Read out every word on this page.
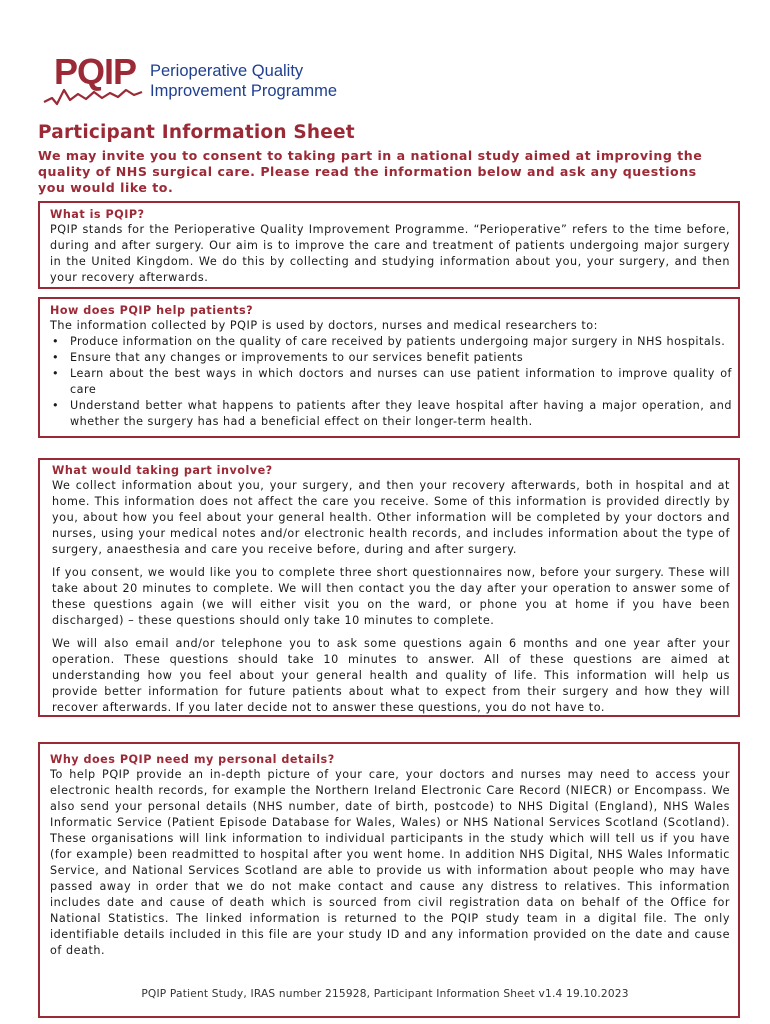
PQIP Perioperative Quality
Improvement Programme
Participant Information Sheet

We may invite you to consent to taking part in a national study aimed at improving the quality of NHS surgical care. Please read the information below and ask any questions you would like to.

What is PQIP?

PQIP stands for the Perioperative Quality Improvement Programme. “Perioperative” refers to the time before, during and after surgery. Our aim is to improve the care and treatment of patients undergoing major surgery in the United Kingdom. We do this by collecting and studying information about you, your surgery, and then your recovery afterwards.

How does PQIP help patients?

The information collected by PQIP is used by doctors, nurses and medical researchers to:

• Produce information on the quality of care received by patients undergoing major surgery in NHS hospitals.
• Ensure that any changes or improvements to our services benefit patients
• Learn about the best ways in which doctors and nurses can use patient information to improve quality of care
• Understand better what happens to patients after they leave hospital after having a major operation, and whether the surgery has had a beneficial effect on their longer-term health.
What would taking part involve?

We collect information about you, your surgery, and then your recovery afterwards, both in hospital and at home. This information does not affect the care you receive. Some of this information is provided directly by you, about how you feel about your general health. Other information will be completed by your doctors and nurses, using your medical notes and/or electronic health records, and includes information about the type of surgery, anaesthesia and care you receive before, during and after surgery.

If you consent, we would like you to complete three short questionnaires now, before your surgery. These will take about 20 minutes to complete. We will then contact you the day after your operation to answer some of these questions again (we will either visit you on the ward, or phone you at home if you have been discharged) – these questions should only take 10 minutes to complete.

We will also email and/or telephone you to ask some questions again 6 months and one year after your operation. These questions should take 10 minutes to answer. All of these questions are aimed at understanding how you feel about your general health and quality of life. This information will help us provide better information for future patients about what to expect from their surgery and how they will recover afterwards. If you later decide not to answer these questions, you do not have to.

Why does PQIP need my personal details?

To help PQIP provide an in-depth picture of your care, your doctors and nurses may need to access your electronic health records, for example the Northern Ireland Electronic Care Record (NIECR) or Encompass. We also send your personal details (NHS number, date of birth, postcode) to NHS Digital (England), NHS Wales Informatic Service (Patient Episode Database for Wales, Wales) or NHS National Services Scotland (Scotland). These organisations will link information to individual participants in the study which will tell us if you have (for example) been readmitted to hospital after you went home. In addition NHS Digital, NHS Wales Informatic Service, and National Services Scotland are able to provide us with information about people who may have passed away in order that we do not make contact and cause any distress to relatives. This information includes date and cause of death which is sourced from civil registration data on behalf of the Office for National Statistics. The linked information is returned to the PQIP study team in a digital file. The only identifiable details included in this file are your study ID and any information provided on the date and cause of death.

PQIP Patient Study, IRAS number 215928, Participant Information Sheet v1.4 19.10.2023
